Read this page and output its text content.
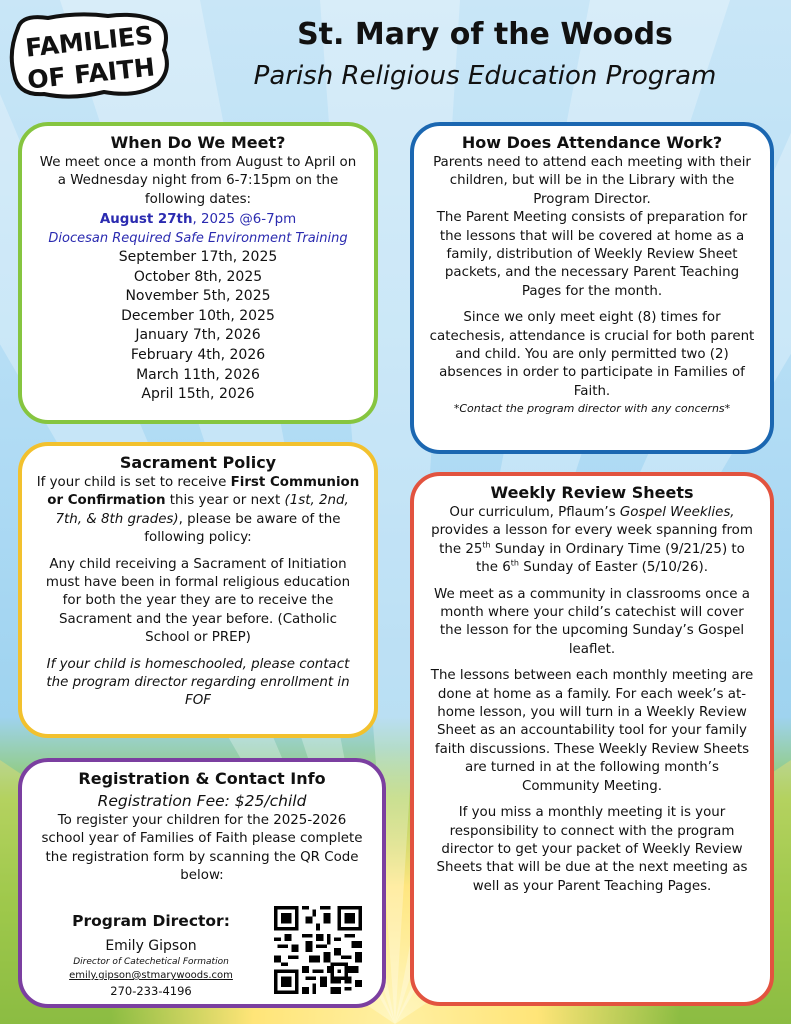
FAMILIES
OF FAITH
St. Mary of the Woods
Parish Religious Education Program
When Do We Meet?

We meet once a month from August to April on a Wednesday night from 6-7:15pm on the following dates:

August 27th, 2025 @6-7pm

Diocesan Required Safe Environment Training

September 17th, 2025

October 8th, 2025

November 5th, 2025

December 10th, 2025

January 7th, 2026

February 4th, 2026

March 11th, 2026

April 15th, 2026

How Does Attendance Work?

Parents need to attend each meeting with their children, but will be in the Library with the Program Director.

The Parent Meeting consists of preparation for the lessons that will be covered at home as a family, distribution of Weekly Review Sheet packets, and the necessary Parent Teaching Pages for the month.

Since we only meet eight (8) times for catechesis, attendance is crucial for both parent and child. You are only permitted two (2) absences in order to participate in Families of Faith.

*Contact the program director with any concerns*

Sacrament Policy

If your child is set to receive First Communion or Confirmation this year or next (1st, 2nd, 7th, & 8th grades), please be aware of the following policy:

Any child receiving a Sacrament of Initiation must have been in formal religious education for both the year they are to receive the Sacrament and the year before. (Catholic School or PREP)

If your child is homeschooled, please contact the program director regarding enrollment in FOF

Weekly Review Sheets

Our curriculum, Pflaum’s Gospel Weeklies, provides a lesson for every week spanning from the 25th Sunday in Ordinary Time (9/21/25) to the 6th Sunday of Easter (5/10/26).

We meet as a community in classrooms once a month where your child’s catechist will cover the lesson for the upcoming Sunday’s Gospel leaflet.

The lessons between each monthly meeting are done at home as a family. For each week’s at-home lesson, you will turn in a Weekly Review Sheet as an accountability tool for your family faith discussions. These Weekly Review Sheets are turned in at the following month’s Community Meeting.

If you miss a monthly meeting it is your responsibility to connect with the program director to get your packet of Weekly Review Sheets that will be due at the next meeting as well as your Parent Teaching Pages.

Registration & Contact Info

Registration Fee: $25/child

To register your children for the 2025-2026 school year of Families of Faith please complete the registration form by scanning the QR Code below:

Program Director:
Emily Gipson
Director of Catechetical Formation
emily.gipson@stmarywoods.com
270-233-4196
